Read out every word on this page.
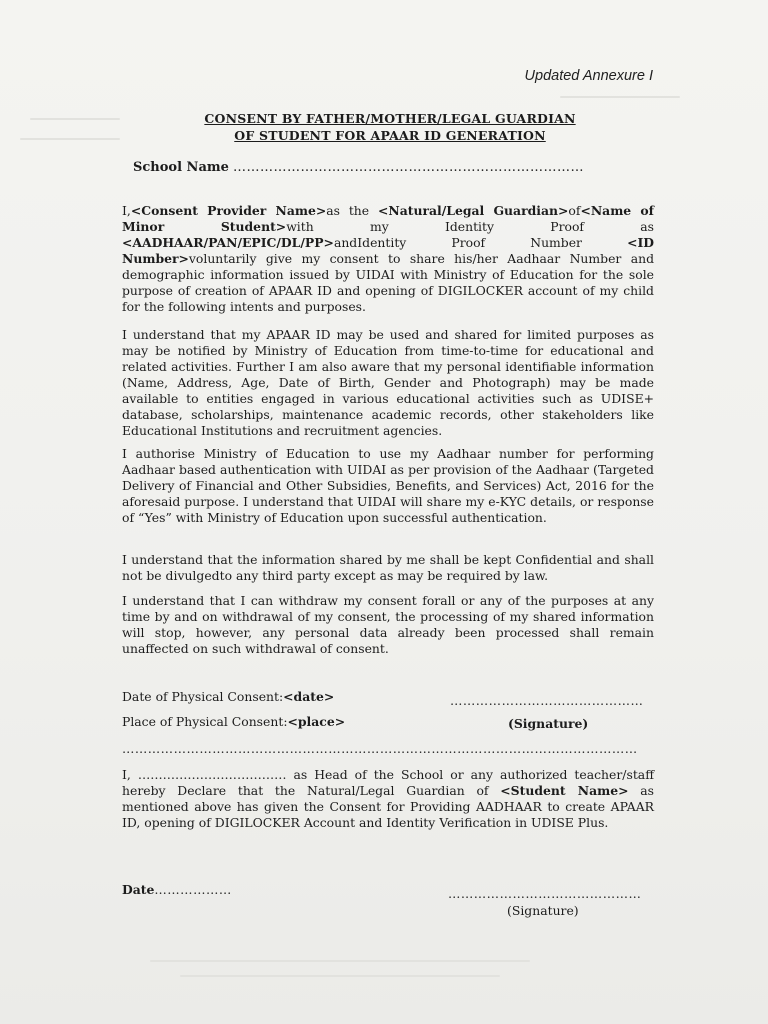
Updated Annexure I
CONSENT BY FATHER/MOTHER/LEGAL GUARDIAN
OF STUDENT FOR APAAR ID GENERATION
School Name ……………………………………………………………………
I,<Consent Provider Name>as the <Natural/Legal Guardian>of<Name of Minor Student>with my Identity Proof as <AADHAAR/PAN/EPIC/DL/PP>andIdentity Proof Number <ID Number>voluntarily give my consent to share his/her Aadhaar Number and demographic information issued by UIDAI with Ministry of Education for the sole purpose of creation of APAAR ID and opening of DIGILOCKER account of my child for the following intents and purposes.
I understand that my APAAR ID may be used and shared for limited purposes as may be notified by Ministry of Education from time-to-time for educational and related activities. Further I am also aware that my personal identifiable information (Name, Address, Age, Date of Birth, Gender and Photograph) may be made available to entities engaged in various educational activities such as UDISE+ database, scholarships, maintenance academic records, other stakeholders like Educational Institutions and recruitment agencies.
I authorise Ministry of Education to use my Aadhaar number for performing Aadhaar based authentication with UIDAI as per provision of the Aadhaar (Targeted Delivery of Financial and Other Subsidies, Benefits, and Services) Act, 2016 for the aforesaid purpose. I understand that UIDAI will share my e-KYC details, or response of “Yes” with Ministry of Education upon successful authentication.
I understand that the information shared by me shall be kept Confidential and shall not be divulgedto any third party except as may be required by law.
I understand that I can withdraw my consent forall or any of the purposes at any time by and on withdrawal of my consent, the processing of my shared information will stop, however, any personal data already been processed shall remain unaffected on such withdrawal of consent.
Date of Physical Consent:<date>	………………………………………
Place of Physical Consent:<place>	(Signature)
…………………………………………………………………………………………………………
I, ……………………………… as Head of the School or any authorized teacher/staff hereby Declare that the Natural/Legal Guardian of <Student Name> as mentioned above has given the Consent for Providing AADHAAR to create APAAR ID, opening of DIGILOCKER Account and Identity Verification in UDISE Plus.
Date………………	………………………………………
(Signature)
